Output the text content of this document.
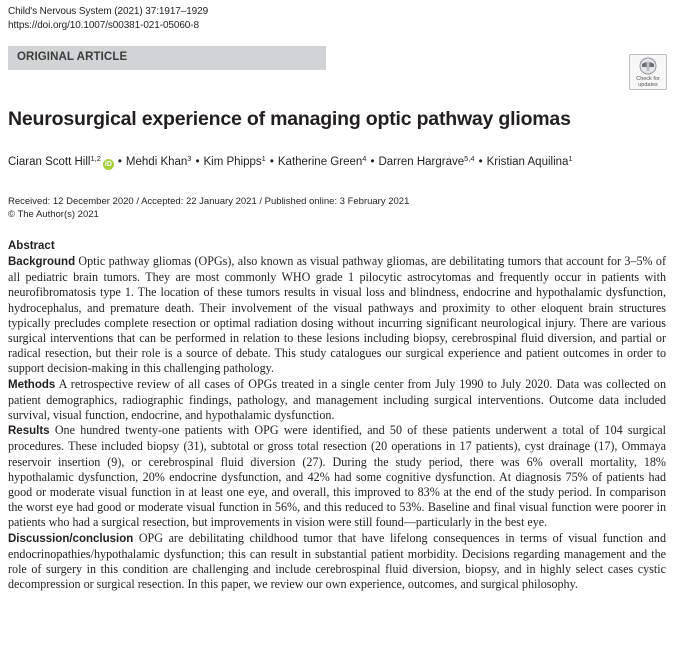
Child's Nervous System (2021) 37:1917–1929
https://doi.org/10.1007/s00381-021-05060-8
ORIGINAL ARTICLE
Check for
updates
Neurosurgical experience of managing optic pathway gliomas
Ciaran Scott Hill$^{1,2}$iD • Mehdi Khan$^3$ • Kim Phipps$^1$ • Katherine Green$^4$ • Darren Hargrave$^{5,4}$ • Kristian Aquilina$^1$
Received: 12 December 2020 / Accepted: 22 January 2021 / Published online: 3 February 2021
© The Author(s) 2021
Abstract

Background Optic pathway gliomas (OPGs), also known as visual pathway gliomas, are debilitating tumors that account for 3–5% of all pediatric brain tumors. They are most commonly WHO grade 1 pilocytic astrocytomas and frequently occur in patients with neurofibromatosis type 1. The location of these tumors results in visual loss and blindness, endocrine and hypothalamic dysfunction, hydrocephalus, and premature death. Their involvement of the visual pathways and proximity to other eloquent brain structures typically precludes complete resection or optimal radiation dosing without incurring significant neurological injury. There are various surgical interventions that can be performed in relation to these lesions including biopsy, cerebrospinal fluid diversion, and partial or radical resection, but their role is a source of debate. This study catalogues our surgical experience and patient outcomes in order to support decision-making in this challenging pathology.

Methods A retrospective review of all cases of OPGs treated in a single center from July 1990 to July 2020. Data was collected on patient demographics, radiographic findings, pathology, and management including surgical interventions. Outcome data included survival, visual function, endocrine, and hypothalamic dysfunction.

Results One hundred twenty-one patients with OPG were identified, and 50 of these patients underwent a total of 104 surgical procedures. These included biopsy (31), subtotal or gross total resection (20 operations in 17 patients), cyst drainage (17), Ommaya reservoir insertion (9), or cerebrospinal fluid diversion (27). During the study period, there was 6% overall mortality, 18% hypothalamic dysfunction, 20% endocrine dysfunction, and 42% had some cognitive dysfunction. At diagnosis 75% of patients had good or moderate visual function in at least one eye, and overall, this improved to 83% at the end of the study period. In comparison the worst eye had good or moderate visual function in 56%, and this reduced to 53%. Baseline and final visual function were poorer in patients who had a surgical resection, but improvements in vision were still found—particularly in the best eye.

Discussion/conclusion OPG are debilitating childhood tumor that have lifelong consequences in terms of visual function and endocrinopathies/hypothalamic dysfunction; this can result in substantial patient morbidity. Decisions regarding management and the role of surgery in this condition are challenging and include cerebrospinal fluid diversion, biopsy, and in highly select cases cystic decompression or surgical resection. In this paper, we review our own experience, outcomes, and surgical philosophy.
